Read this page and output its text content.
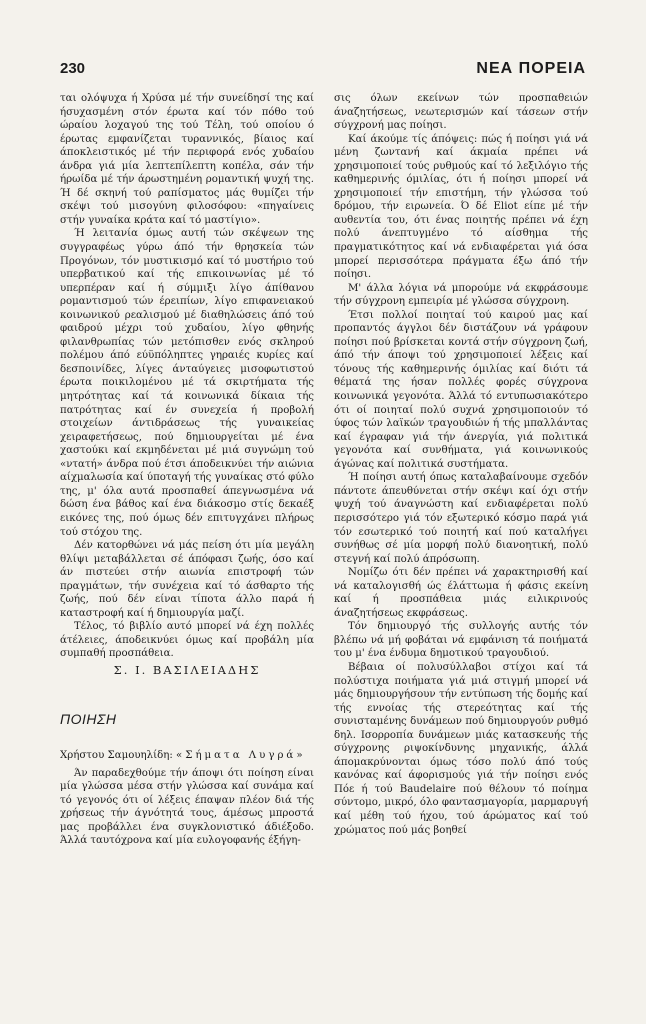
230	ΝΕΑ ΠΟΡΕΙΑ

ται ολόψυχα ή Χρύσα μέ τήν συνείδησί της καί ήσυχασμένη στόν έρωτα καί τόν πόθο τού ώραίου λοχαγού της τού Τέλη, τού οποίου ό έρωτας εμφανίζεται τυραννικός, βίαιος καί άποκλειστικός μέ τήν περιφορά ενός χυδαίου άνδρα γιά μία λεπτεπίλεπτη κοπέλα, σάν τήν ήρωίδα μέ τήν άρωστημένη ρομαντική ψυχή της. Ή δέ σκηνή τού ραπίσματος μάς θυμίζει τήν σκέψι τού μισογύνη φιλοσόφου: «πηγαίνεις στήν γυναίκα κράτα καί τό μαστίγιο».

Ή λειτανία όμως αυτή τών σκέψεων της συγγραφέως γύρω άπό τήν θρησκεία τών Προγόνων, τόν μυστικισμό καί τό μυστήριο τού υπερβατικού καί τής επικοινωνίας μέ τό υπερπέραν καί ή σύμμιξι λίγο άπίθανου ρομαντισμού τών έρειπίων, λίγο επιφανειακού κοινωνικού ρεαλισμού μέ διαθηλώσεις άπό τού φαιδρού μέχρι τού χυδαίου, λίγο φθηνής φιλανθρωπίας τών μετόπισθεν ενός σκληρού πολέμου άπό εύϋπόληπτες γηραιές κυρίες καί δεσποινίδες, λίγες άνταύγειες μισοφωτιστού έρωτα ποικιλομένου μέ τά σκιρτήματα τής μητρότητας καί τά κοινωνικά δίκαια τής πατρότητας καί έν συνεχεία ή προβολή στοιχείων άντιδράσεως τής γυναικείας χειραφετήσεως, πού δημιουργείται μέ ένα χαστούκι καί εκμηδένεται μέ μιά συγνώμη τού «ντατή» άνδρα πού έτσι άποδεικνύει τήν αιώνια αίχμαλωσία καί ύποταγή τής γυναίκας στό φύλο της, μ' όλα αυτά προσπαθεί άπεγνωσμένα νά δώση ένα βάθος καί ένα διάκοσμο στίς δεκαέξ εικόνες της, πού όμως δέν επιτυγχάνει πλήρως τού στόχου της.

Δέν κατορθώνει νά μάς πείση ότι μία μεγάλη θλίψι μεταβάλλεται σέ άπόφασι ζωής, όσο καί άν πιστεύει στήν αιωνία επιστροφή τών πραγμάτων, τήν συνέχεια καί τό άσθαρτο τής ζωής, πού δέν είναι τίποτα άλλο παρά ή καταστροφή καί ή δημιουργία μαζί.

Τέλος, τό βιβλίο αυτό μπορεί νά έχη πολλές άτέλειες, άποδεικνύει όμως καί προβάλη μία συμπαθή προσπάθεια.

Σ. Ι. ΒΑΣΙΛΕΙΑΔΗΣ
ΠΟΙΗΣΗ
Χρήστου Σαμουηλίδη: «Σήματα Λυγρά»

Άν παραδεχθούμε τήν άποψι ότι ποίηση είναι μία γλώσσα μέσα στήν γλώσσα καί συνάμα καί τό γεγονός ότι οί λέξεις έπαψαν πλέον διά τής χρήσεως τήν άγνότητά τους, άμέσως μπροστά μας προβάλλει ένα συγκλονιστικό άδιέξοδο. Άλλά ταυτόχρονα καί μία ευλογοφανής έξήγη-

σις όλων εκείνων τών προσπαθειών άναζητήσεως, νεωτερισμών καί τάσεων στήν σύγχρονή μας ποίησι.

Καί άκούμε τίς άπόψεις: πώς ή ποίησι γιά νά μένη ζωντανή καί άκμαία πρέπει νά χρησιμοποιεί τούς ρυθμούς καί τό λεξιλόγιο τής καθημερινής όμιλίας, ότι ή ποίησι μπορεί νά χρησιμοποιεί τήν επιστήμη, τήν γλώσσα τού δρόμου, τήν ειρωνεία. Ό δέ Eliot είπε μέ τήν αυθεντία του, ότι ένας ποιητής πρέπει νά έχη πολύ άνεπτυγμένο τό αίσθημα τής πραγματικότητος καί νά ενδιαφέρεται γιά όσα μπορεί περισσότερα πράγματα έξω άπό τήν ποίησι.

Μ' άλλα λόγια νά μπορούμε νά εκφράσουμε τήν σύγχρονη εμπειρία μέ γλώσσα σύγχρονη.

Έτσι πολλοί ποιηταί τού καιρού μας καί προπαντός άγγλοι δέν διστάζουν νά γράφουν ποίησι πού βρίσκεται κοντά στήν σύγχρονη ζωή, άπό τήν άποψι τού χρησιμοποιεί λέξεις καί τόνους τής καθημερινής όμιλίας καί διότι τά θέματά της ήσαν πολλές φορές σύγχρονα κοινωνικά γεγονότα. Άλλά τό εντυπωσιακότερο ότι οί ποιηταί πολύ συχνά χρησιμοποιούν τό ύφος τών λαϊκών τραγουδιών ή τής μπαλλάντας καί έγραφαν γιά τήν άνεργία, γιά πολιτικά γεγονότα καί συνθήματα, γιά κοινωνικούς άγώνας καί πολιτικά συστήματα.

Ή ποίησι αυτή όπως καταλαβαίνουμε σχεδόν πάντοτε άπευθύνεται στήν σκέψι καί όχι στήν ψυχή τού άναγνώστη καί ενδιαφέρεται πολύ περισσότερο γιά τόν εξωτερικό κόσμο παρά γιά τόν εσωτερικό τού ποιητή καί πού καταλήγει συνήθως σέ μία μορφή πολύ διανοητική, πολύ στεγνή καί πολύ άπρόσωπη.

Νομίζω ότι δέν πρέπει νά χαρακτηρισθή καί νά καταλογισθή ώς έλάττωμα ή φάσις εκείνη καί ή προσπάθεια μιάς ειλικρινούς άναζητήσεως εκφράσεως.

Τόν δημιουργό τής συλλογής αυτής τόν βλέπω νά μή φοβάται νά εμφάνιση τά ποιήματά του μ' ένα ένδυμα δημοτικού τραγουδιού.

Βέβαια οί πολυσύλλαβοι στίχοι καί τά πολύστιχα ποιήματα γιά μιά στιγμή μπορεί νά μάς δημιουργήσουν τήν εντύπωση τής δομής καί τής εννοίας τής στερεότητας καί τής συνισταμένης δυνάμεων πού δημιουργούν ρυθμό δηλ. Ισορροπία δυνάμεων μιάς κατασκευής τής σύγχρονης ριψοκίνδυνης μηχανικής, άλλά άπομακρύνονται όμως τόσο πολύ άπό τούς κανόνας καί άφορισμούς γιά τήν ποίησι ενός Πόε ή τού Baudelaire πού θέλουν τό ποίημα σύντομο, μικρό, όλο φαντασμαγορία, μαρμαρυγή καί μέθη τού ήχου, τού άρώματος καί τού χρώματος πού μάς βοηθεί
